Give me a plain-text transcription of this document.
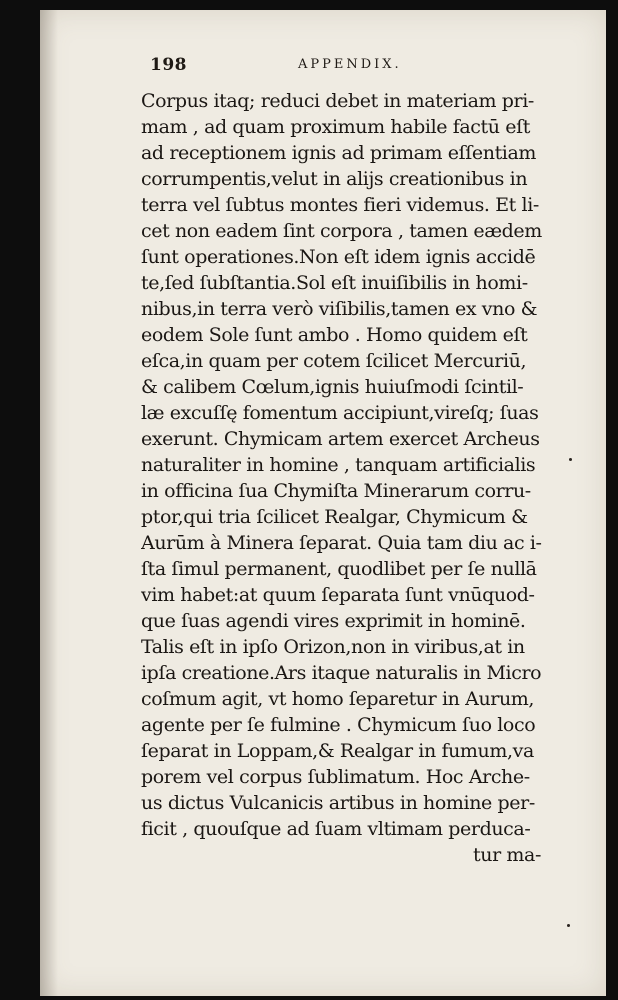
198	APPENDIX.
Corpus itaq; reduci debet in materiam pri-
mam , ad quam proximum habile factū eſt
ad receptionem ignis ad primam eſſentiam
corrumpentis,velut in alijs creationibus in
terra vel ſubtus montes fieri videmus. Et li-
cet non eadem ſint corpora , tamen eædem
ſunt operationes.Non eſt idem ignis accidē
te,ſed ſubſtantia.Sol eſt inuiſibilis in homi-
nibus,in terra verò viſibilis,tamen ex vno &
eodem Sole ſunt ambo . Homo quidem eſt
eſca,in quam per cotem ſcilicet Mercuriū,
& calibem Cœlum,ignis huiuſmodi ſcintil-
læ excuſſę fomentum accipiunt,vireſq; ſuas
exerunt. Chymicam artem exercet Archeus
naturaliter in homine , tanquam artificialis
in officina ſua Chymiſta Minerarum corru-
ptor,qui tria ſcilicet Realgar, Chymicum &
Aurūm à Minera ſeparat. Quia tam diu ac i-
ſta ſimul permanent, quodlibet per ſe nullā
vim habet:at quum ſeparata ſunt vnūquod-
que ſuas agendi vires exprimit in hominē.
Talis eſt in ipſo Orizon,non in viribus,at in
ipſa creatione.Ars itaque naturalis in Micro
coſmum agit, vt homo ſeparetur in Aurum,
agente per ſe fulmine . Chymicum ſuo loco
ſeparat in Loppam,& Realgar in fumum,va
porem vel corpus ſublimatum. Hoc Arche-
us dictus Vulcanicis artibus in homine per-
ficit , quouſque ad ſuam vltimam perduca-
tur ma-
